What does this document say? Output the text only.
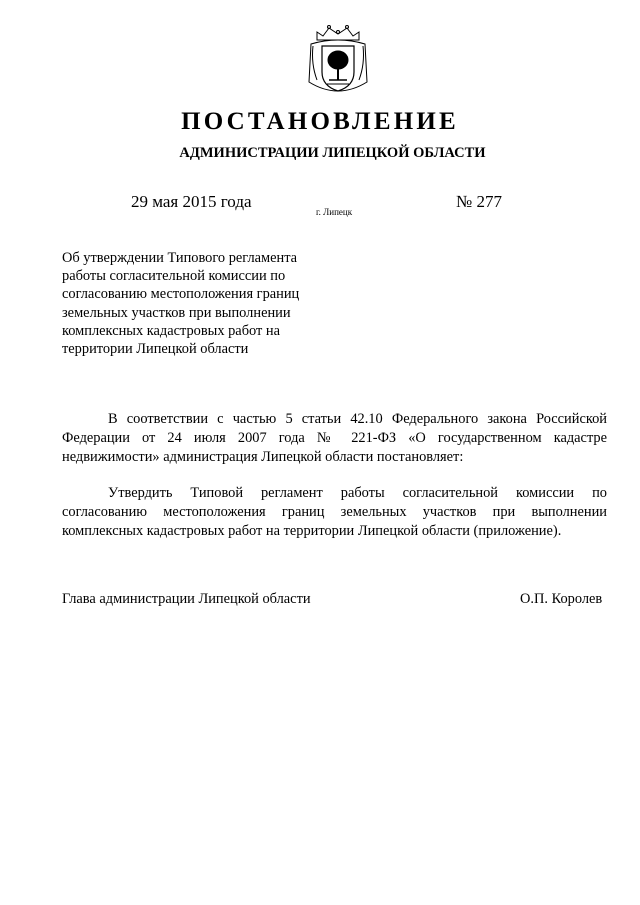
ПОСТАНОВЛЕНИЕ
АДМИНИСТРАЦИИ ЛИПЕЦКОЙ ОБЛАСТИ
29 мая 2015 года
г. Липецк
№ 277
Об утверждении Типового регламента
работы согласительной комиссии по
согласованию местоположения границ
земельных участков при выполнении
комплексных кадастровых работ на
территории Липецкой области

В соответствии с частью 5 статьи 42.10 Федерального закона Российской Федерации от 24 июля 2007 года № 221-ФЗ «О государственном кадастре недвижимости» администрация Липецкой области постановляет:

Утвердить Типовой регламент работы согласительной комиссии по согласованию местоположения границ земельных участков при выполнении комплексных кадастровых работ на территории Липецкой области (приложение).

Глава администрации Липецкой области	О.П. Королев
